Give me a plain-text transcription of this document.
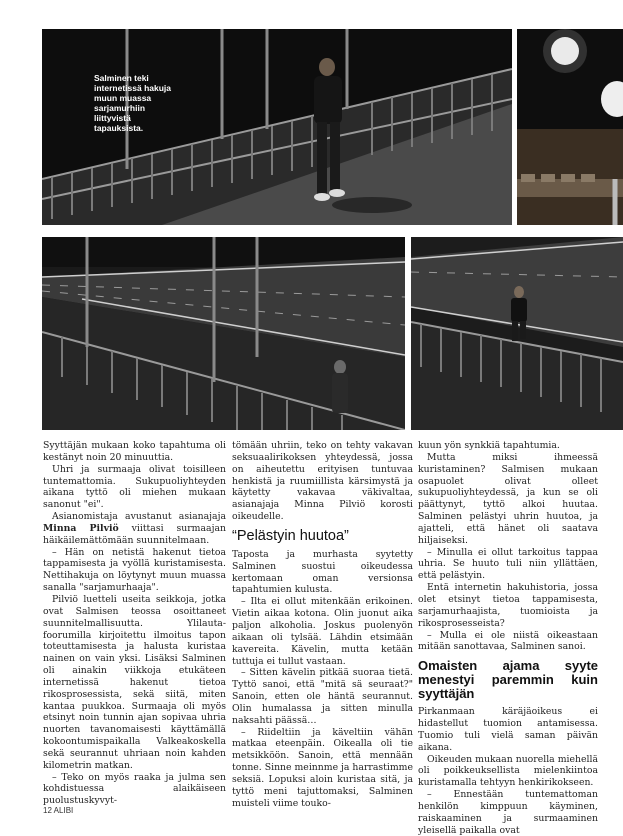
Salminen teki internetissä hakuja muun muassa sarjamurhiin liittyvistä tapauksista.

Syyttäjän mukaan koko tapahtuma oli kestänyt noin 20 minuuttia.

Uhri ja surmaaja olivat toisilleen tuntemattomia. Sukupuoliyhteyden aikana tyttö oli miehen mukaan sanonut "ei".

Asianomistaja avustanut asianajaja Minna Pilviö viittasi surmaajan häikäilemättömään suunnitelmaan.

– Hän on netistä hakenut tietoa tappamisesta ja vyöllä kuristamisesta. Nettihakuja on löytynyt muun muassa sanalla "sarjamurhaaja".

Pilviö luetteli useita seikkoja, jotka ovat Salmisen teossa osoittaneet suunnitelmallisuutta. Ylilauta-foorumilla kirjoitettu ilmoitus tapon toteuttamisesta ja halusta kuristaa nainen on vain yksi. Lisäksi Salminen oli ainakin viikkoja etukäteen internetissä hakenut tietoa rikosprosessista, sekä siitä, miten kantaa puukkoa. Surmaaja oli myös etsinyt noin tunnin ajan sopivaa uhria nuorten tavanomaisesti käyttämällä kokoontumispaikalla Valkeakoskella sekä seurannut uhriaan noin kahden kilometrin matkan.

– Teko on myös raaka ja julma sen kohdistuessa alaikäiseen puolustuskyvyt-

tömään uhriin, teko on tehty vakavan seksuaalirikoksen yhteydessä, jossa on aiheutettu erityisen tuntuvaa henkistä ja ruumiillista kärsimystä ja käytetty vakavaa väkivaltaa, asianajaja Minna Pilviö korosti oikeudelle.

“Pelästyin huutoa”

Taposta ja murhasta syytetty Salminen suostui oikeudessa kertomaan oman versionsa tapahtumien kulusta.

– Ilta ei ollut mitenkään erikoinen. Vietin aikaa kotona. Olin juonut aika paljon alkoholia. Joskus puolenyön aikaan oli tylsää. Lähdin etsimään kavereita. Kävelin, mutta ketään tuttuja ei tullut vastaan.

– Sitten kävelin pitkää suoraa tietä. Tyttö sanoi, että "mitä sä seuraat?" Sanoin, etten ole häntä seurannut. Olin humalassa ja sitten minulla naksahti päässä…

– Riideltiin ja käveltiin vähän matkaa eteenpäin. Oikealla oli tie metsikköön. Sanoin, että mennään tonne. Sinne meinnme ja harrastimme seksiä. Lopuksi aloin kuristaa sitä, ja tyttö meni tajuttomaksi, Salminen muisteli viime touko-

kuun yön synkkiä tapahtumia.

Mutta miksi ihmeessä kuristaminen? Salmisen mukaan osapuolet olivat olleet sukupuoliyhteydessä, ja kun se oli päättynyt, tyttö alkoi huutaa. Salminen pelästyi uhrin huutoa, ja ajatteli, että hänet oli saatava hiljaiseksi.

– Minulla ei ollut tarkoitus tappaa uhria. Se huuto tuli niin yllättäen, että pelästyin.

Entä internetin hakuhistoria, jossa olet etsinyt tietoa tappamisesta, sarjamurhaajista, tuomioista ja rikosprosesseista?

– Mulla ei ole niistä oikeastaan mitään sanottavaa, Salminen sanoi.

Omaisten ajama syyte menestyi paremmin kuin syyttäjän

Pirkanmaan käräjäoikeus ei hidastellut tuomion antamisessa. Tuomio tuli vielä saman päivän aikana.

Oikeuden mukaan nuorella miehellä oli poikkeuksellista mielenkiintoa kuristamalla tehtyyn henkirikokseen.

– Ennestään tuntemattoman henkilön kimppuun käyminen, raiskaaminen ja surmaaminen yleisellä paikalla ovat

12 ALIBI
